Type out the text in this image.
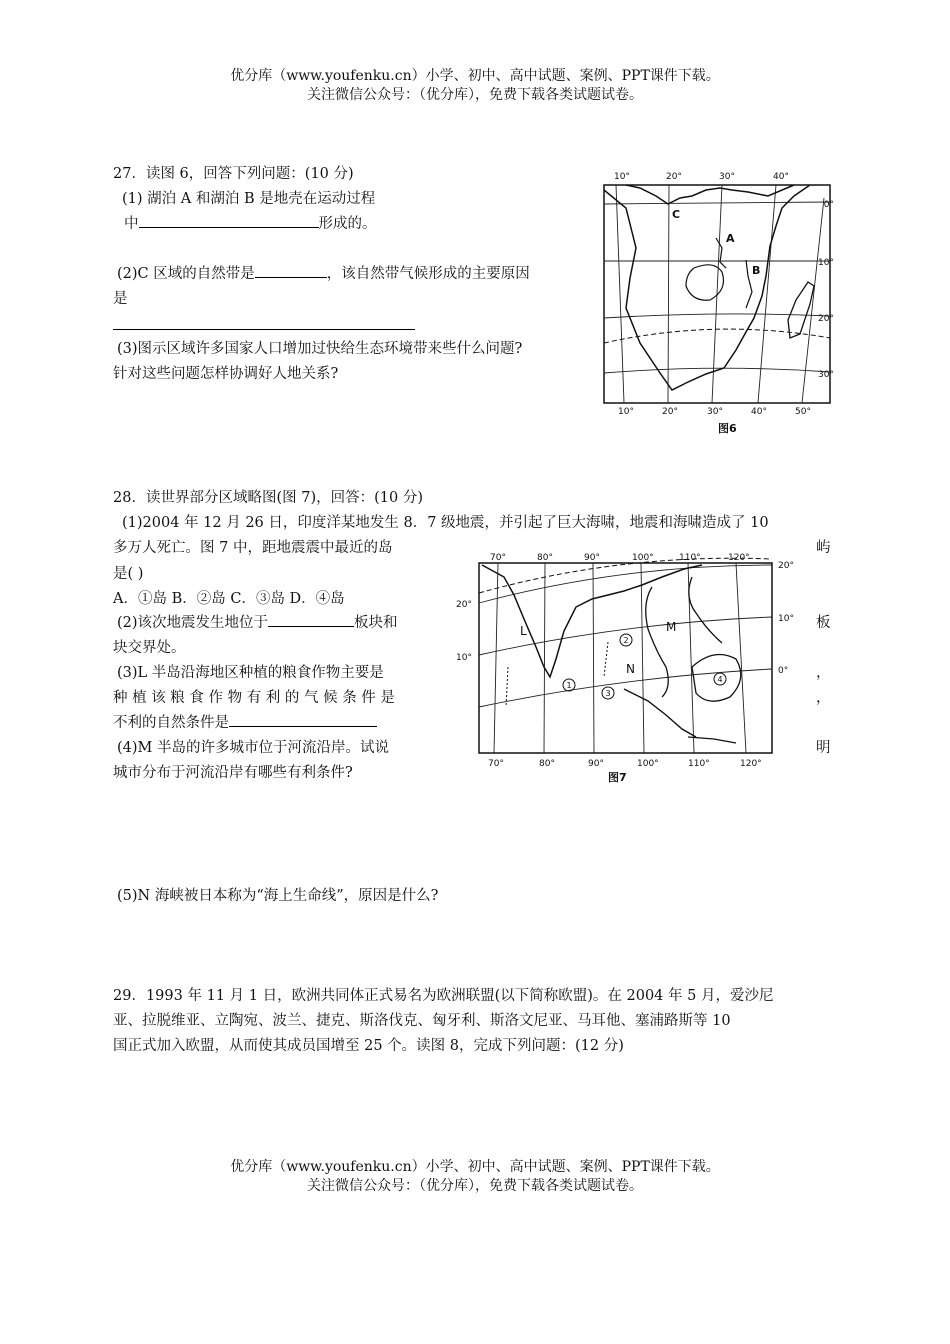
优分库（www.youfenku.cn）小学、初中、高中试题、案例、PPT课件下载。
关注微信公众号：（优分库），免费下载各类试题试卷。
27．读图 6，回答下列问题：(10 分)
(1) 湖泊 A 和湖泊 B 是地壳在运动过程
中	形成的。
(2)C 区域的自然带是	，该自然带气候形成的主要原因
是
(3)图示区域许多国家人口增加过快给生态环境带来些什么问题?
针对这些问题怎样协调好人地关系?
10°	20°	30°	40°
0°
10°
20°
30°
10°	20°	30°	40°	50°
C
A
B
图6
28．读世界部分区域略图(图 7)，回答：(10 分)
(1)2004 年 12 月 26 日，印度洋某地发生 8．7 级地震，并引起了巨大海啸，地震和海啸造成了 10
多万人死亡。图 7 中，距地震震中最近的岛	屿
是( )
A．①岛 B．②岛 C．③岛 D．④岛
(2)该次地震发生地位于	板块和	板
块交界处。
(3)L 半岛沿海地区种植的粮食作物主要是	，
种植该粮食作物有利的气候条件是	，
不利的自然条件是
(4)M 半岛的许多城市位于河流沿岸。试说	明
城市分布于河流沿岸有哪些有利条件?
(5)N 海峡被日本称为“海上生命线”，原因是什么?
70°	80°	90°	100°	110°	120°
20°
10°
20°
10°
0°
70°	80°	90°	100°	110°	120°
1
2
3
4
L	M
N
图7
29．1993 年 11 月 1 日，欧洲共同体正式易名为欧洲联盟(以下简称欧盟)。在 2004 年 5 月，爱沙尼
亚、拉脱维亚、立陶宛、波兰、捷克、斯洛伐克、匈牙利、斯洛文尼亚、马耳他、塞浦路斯等 10
国正式加入欧盟，从而使其成员国增至 25 个。读图 8，完成下列问题：(12 分)
优分库（www.youfenku.cn）小学、初中、高中试题、案例、PPT课件下载。
关注微信公众号：（优分库），免费下载各类试题试卷。
